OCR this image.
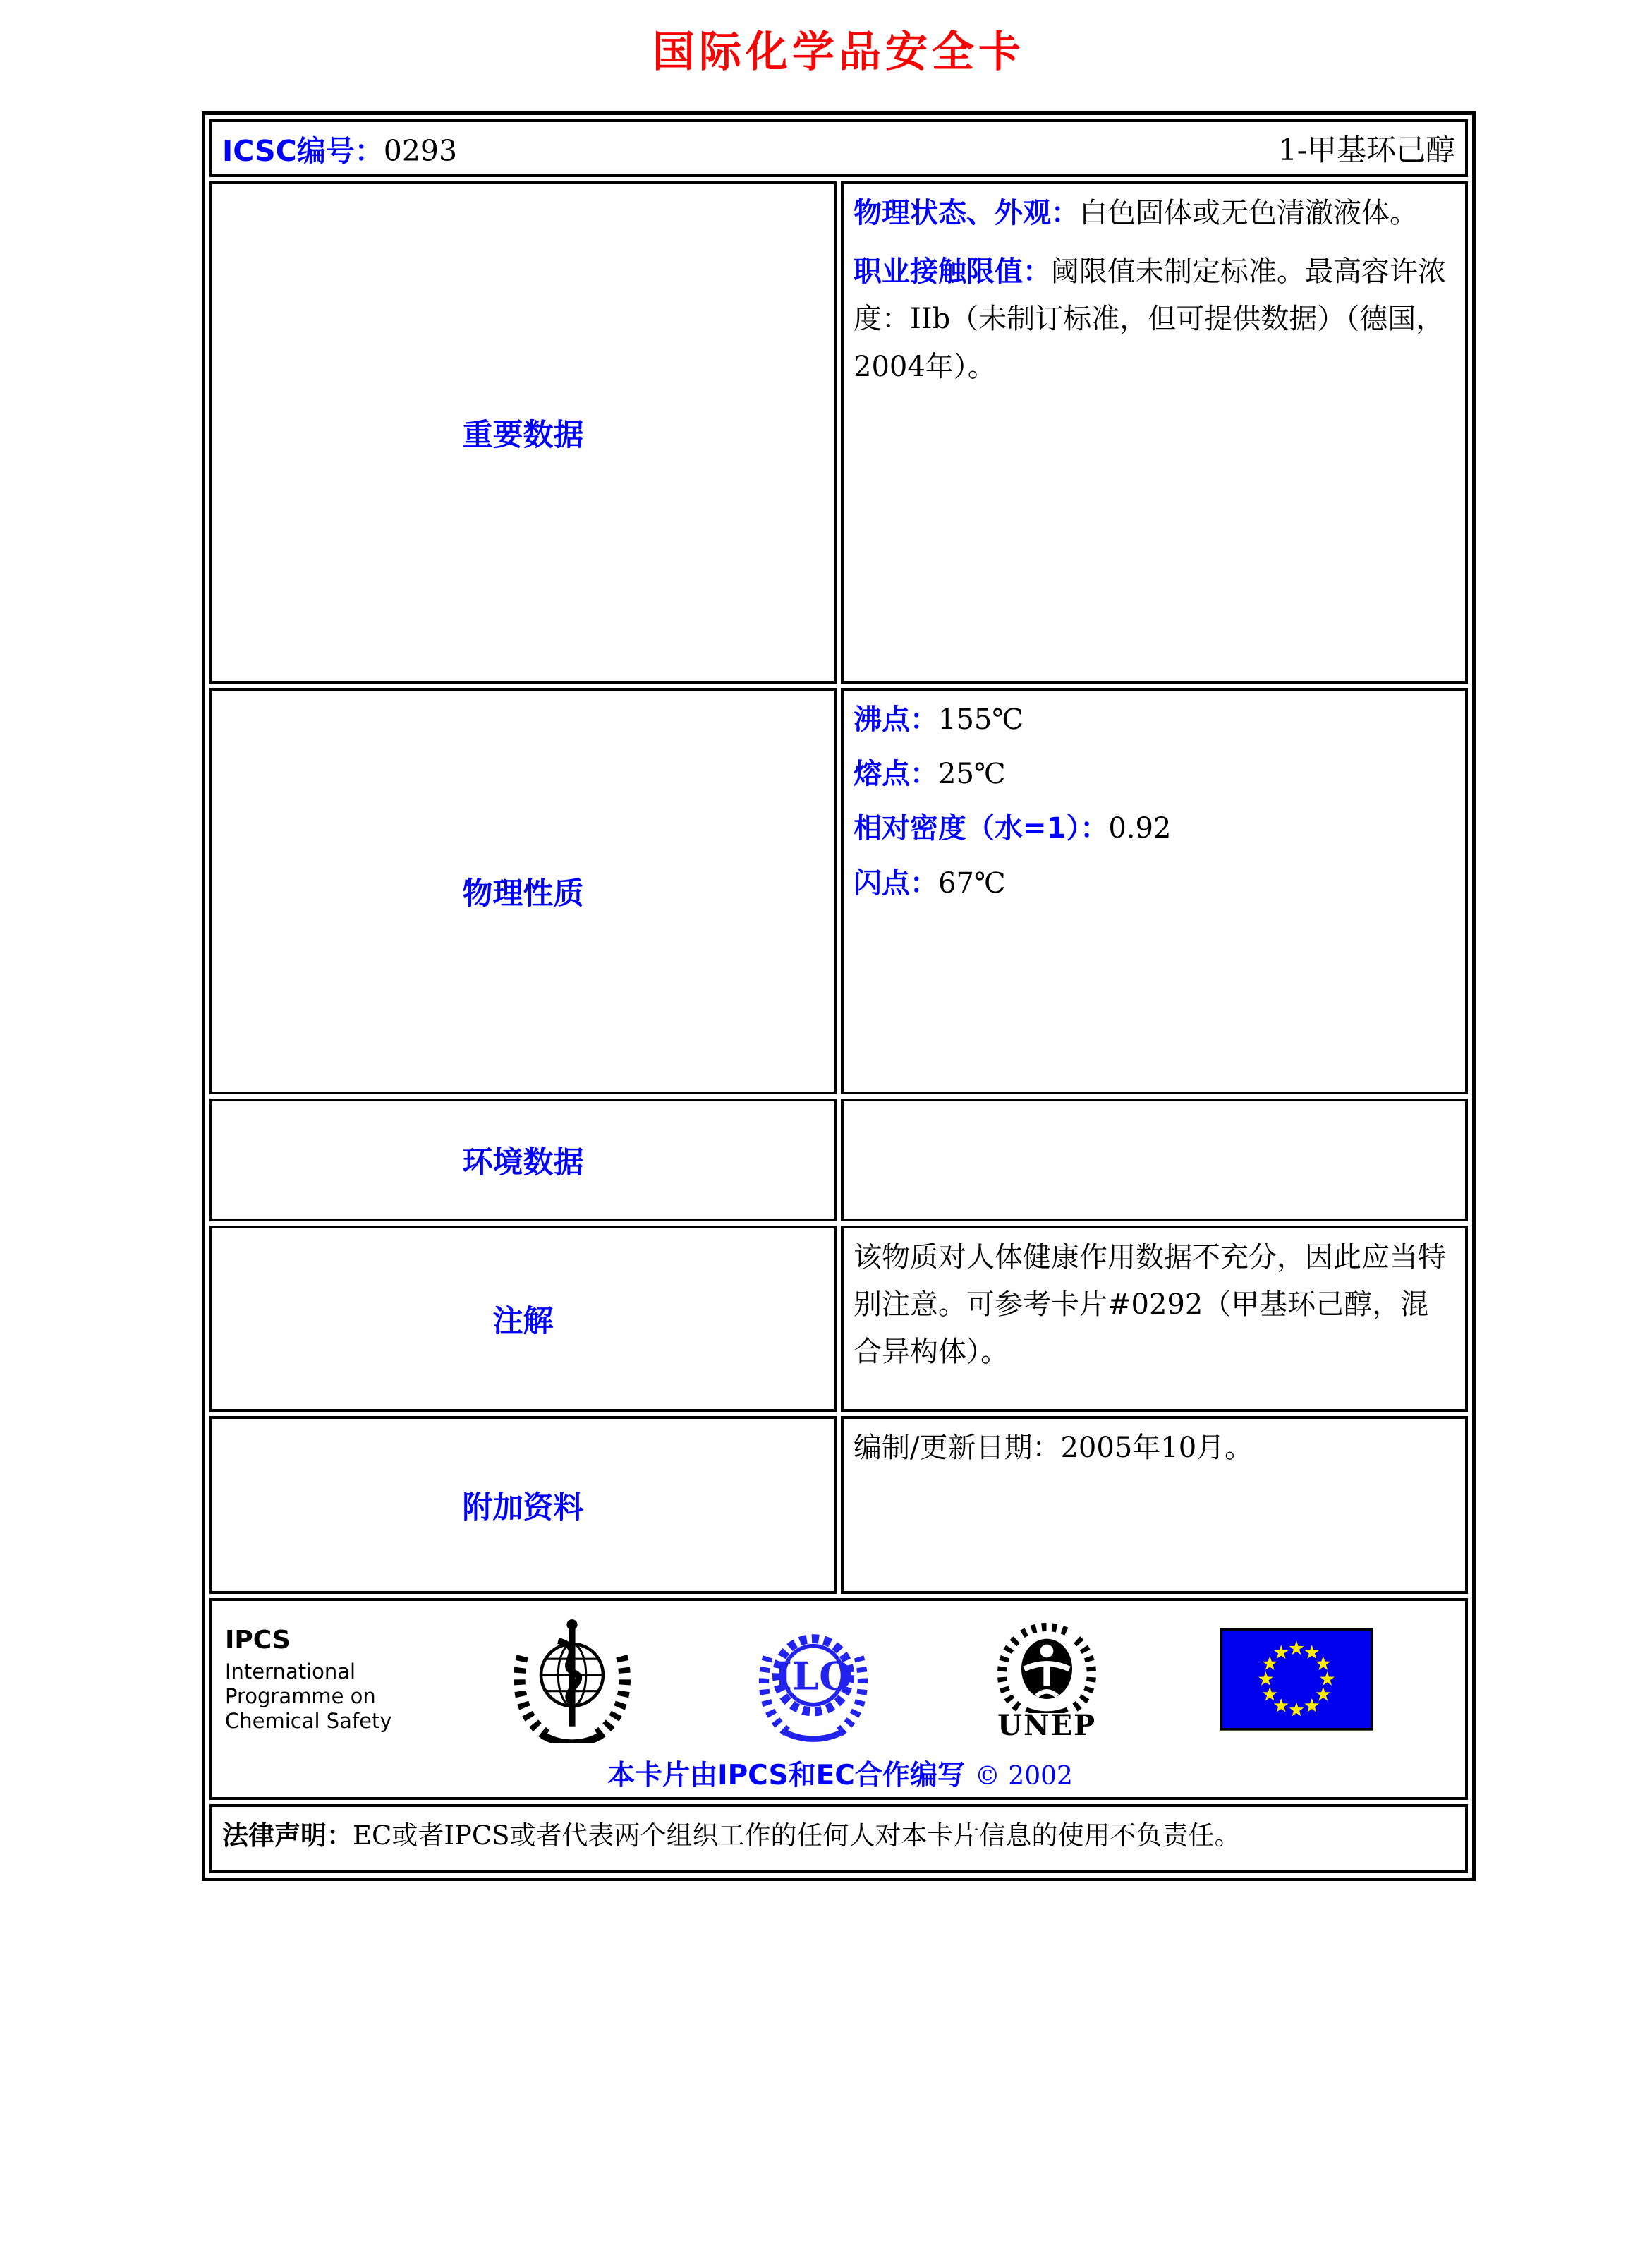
国际化学品安全卡
ICSC编号：0293 1-甲基环己醇	

重要数据	物理状态、外观：白色固体或无色清澈液体。

职业接触限值：阈限值未制定标准。最高容许浓度：IIb（未制订标准，但可提供数据）（德国，2004年）。

物理性质	沸点：155℃

熔点：25℃

相对密度（水=1）：0.92

闪点：67℃

环境数据	
注解	该物质对人体健康作用数据不充分，因此应当特别注意。可参考卡片#0292（甲基环己醇，混合异构体）。
附加资料	编制/更新日期：2005年10月。

IPCS
International
Programme on
Chemical Safety
ILO
UNEP
本卡片由IPCS和EC合作编写 © 2002

法律声明：EC或者IPCS或者代表两个组织工作的任何人对本卡片信息的使用不负责任。	
